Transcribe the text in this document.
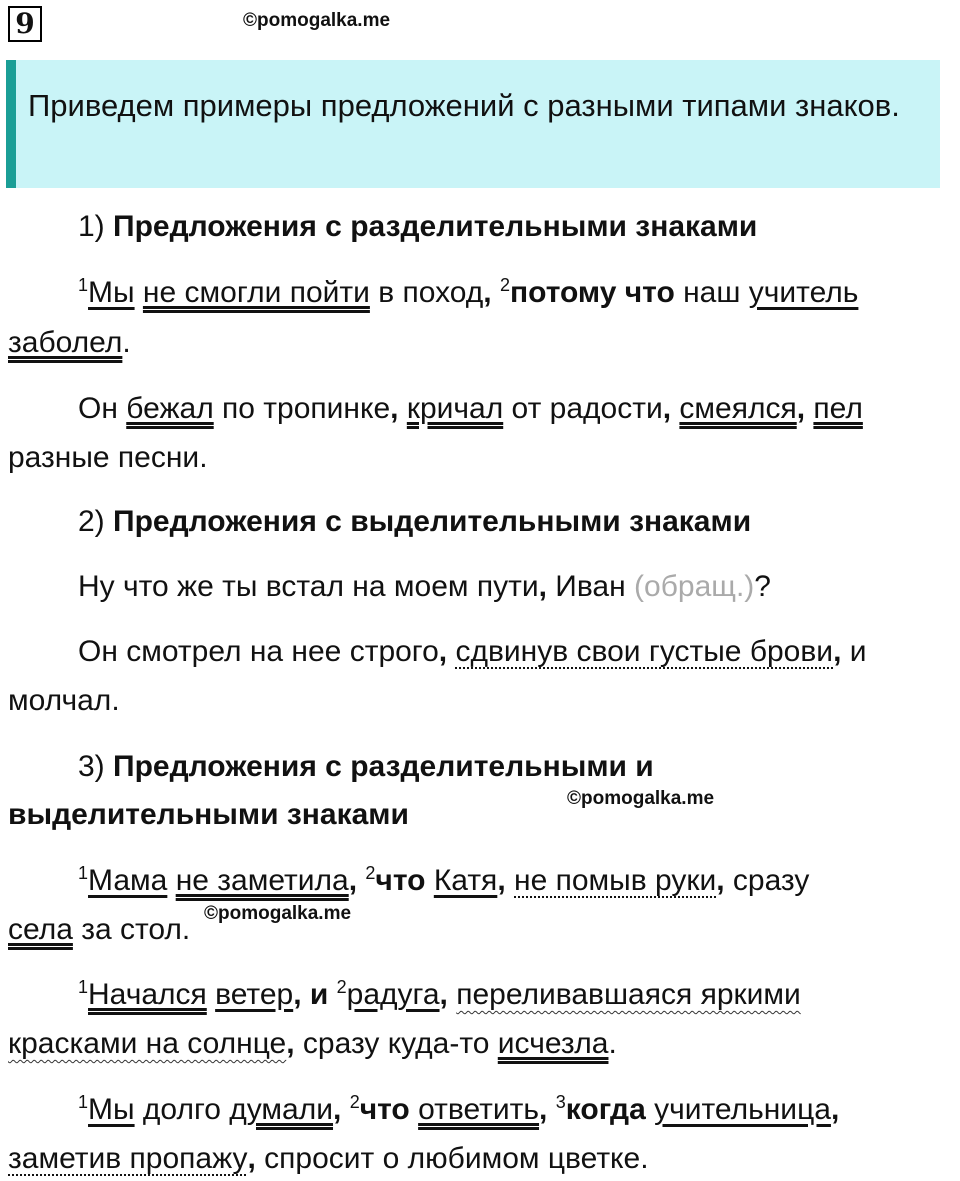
9	©pomogalka.me
Приведем примеры предложений с разными типами знаков.
1) Предложения с разделительными знаками
$^1$Мы не смогли пойти в поход, $^2$потому что наш учитель
заболел.
Он бежал по тропинке, кричал от радости, смеялся, пел
разные песни.
2) Предложения с выделительными знаками
Ну что же ты встал на моем пути, Иван (обращ.)?
Он смотрел на нее строго, сдвинув свои густые брови, и
молчал.
3) Предложения с разделительными и
выделительными знаками	©pomogalka.me
$^1$Мама не заметила, $^2$что Катя, не помыв руки, сразу
села за стол. ©pomogalka.me
$^1$Начался ветер, и $^2$радуга, переливавшаяся яркими
красками на солнце, сразу куда-то исчезла.
$^1$Мы долго думали, $^2$что ответить, $^3$когда учительница,
заметив пропажу, спросит о любимом цветке.
